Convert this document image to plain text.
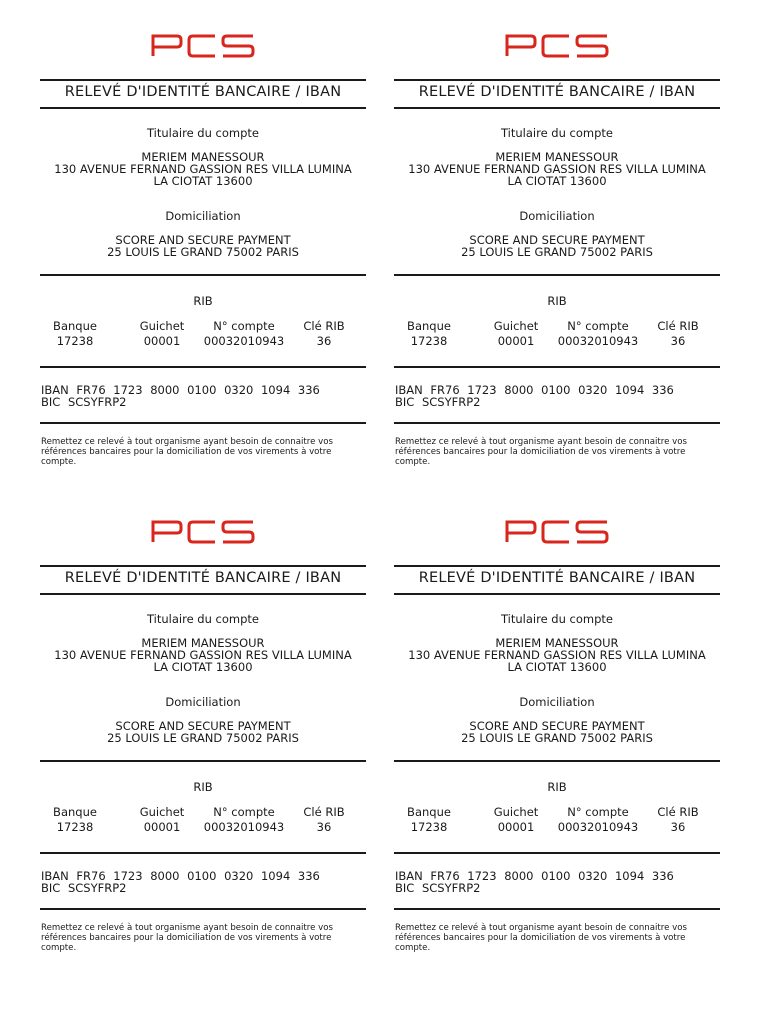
RELEVÉ D'IDENTITÉ BANCAIRE / IBAN
Titulaire du compte
MERIEM MANESSOUR
130 AVENUE FERNAND GASSION RES VILLA LUMINA
LA CIOTAT 13600
Domiciliation
SCORE AND SECURE PAYMENT
25 LOUIS LE GRAND 75002 PARIS
RIB
Banque
17238
Guichet
00001
N° compte
00032010943
Clé RIB
36
IBAN FR76 1723 8000 0100 0320 1094 336
BIC SCSYFRP2
Remettez ce relevé à tout organisme ayant besoin de connaitre vos références bancaires pour la domiciliation de vos virements à votre compte.
RELEVÉ D'IDENTITÉ BANCAIRE / IBAN
Titulaire du compte
MERIEM MANESSOUR
130 AVENUE FERNAND GASSION RES VILLA LUMINA
LA CIOTAT 13600
Domiciliation
SCORE AND SECURE PAYMENT
25 LOUIS LE GRAND 75002 PARIS
RIB
Banque
17238
Guichet
00001
N° compte
00032010943
Clé RIB
36
IBAN FR76 1723 8000 0100 0320 1094 336
BIC SCSYFRP2
Remettez ce relevé à tout organisme ayant besoin de connaitre vos références bancaires pour la domiciliation de vos virements à votre compte.
RELEVÉ D'IDENTITÉ BANCAIRE / IBAN
Titulaire du compte
MERIEM MANESSOUR
130 AVENUE FERNAND GASSION RES VILLA LUMINA
LA CIOTAT 13600
Domiciliation
SCORE AND SECURE PAYMENT
25 LOUIS LE GRAND 75002 PARIS
RIB
Banque
17238
Guichet
00001
N° compte
00032010943
Clé RIB
36
IBAN FR76 1723 8000 0100 0320 1094 336
BIC SCSYFRP2
Remettez ce relevé à tout organisme ayant besoin de connaitre vos références bancaires pour la domiciliation de vos virements à votre compte.
RELEVÉ D'IDENTITÉ BANCAIRE / IBAN
Titulaire du compte
MERIEM MANESSOUR
130 AVENUE FERNAND GASSION RES VILLA LUMINA
LA CIOTAT 13600
Domiciliation
SCORE AND SECURE PAYMENT
25 LOUIS LE GRAND 75002 PARIS
RIB
Banque
17238
Guichet
00001
N° compte
00032010943
Clé RIB
36
IBAN FR76 1723 8000 0100 0320 1094 336
BIC SCSYFRP2
Remettez ce relevé à tout organisme ayant besoin de connaitre vos références bancaires pour la domiciliation de vos virements à votre compte.
